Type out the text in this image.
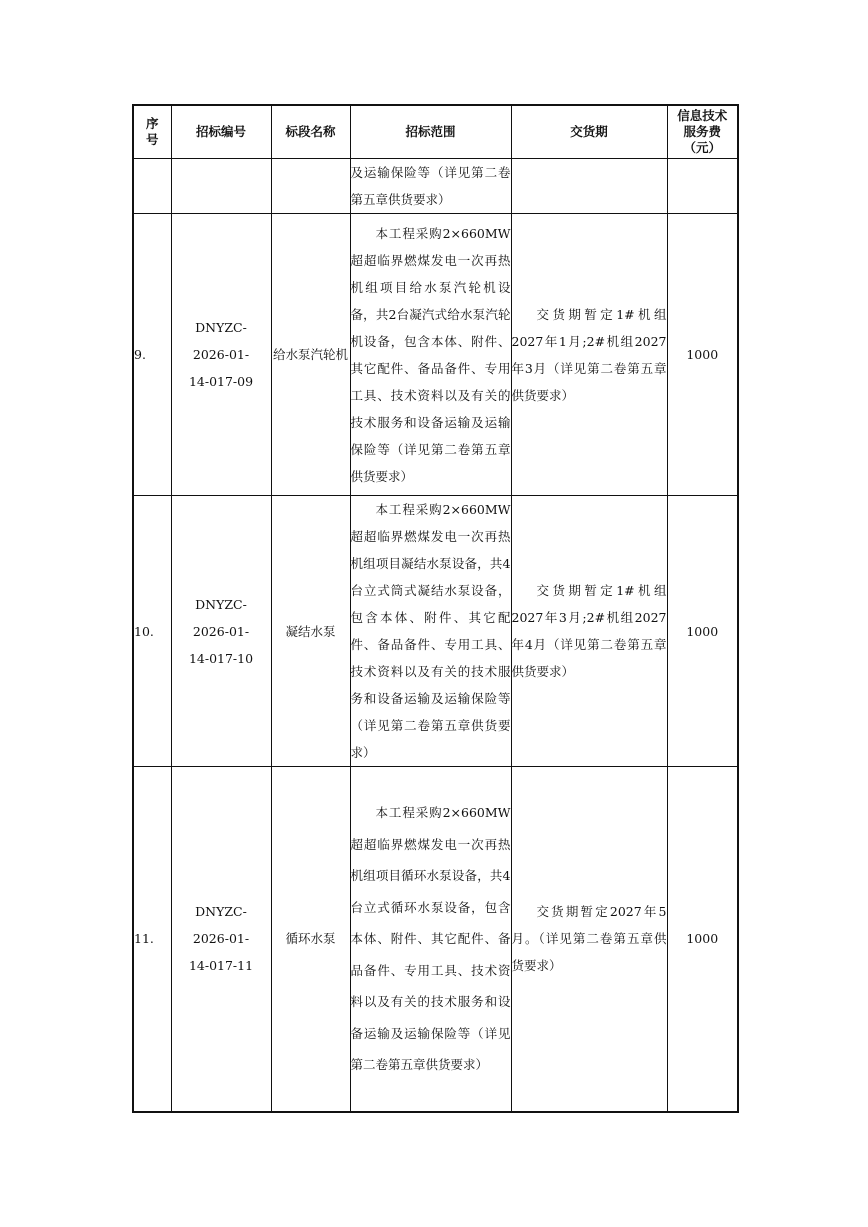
序号	招标编号	标段名称	招标范围	交货期	信息技术服务费（元）

			及运输保险等（详见第二卷第五章供货要求）		

9.	DNYZC-
2026-01-
14-017-09	给水泵汽轮机	本工程采购2×660MW超超临界燃煤发电一次再热机组项目给水泵汽轮机设备，共2台凝汽式给水泵汽轮机设备，包含本体、附件、其它配件、备品备件、专用工具、技术资料以及有关的技术服务和设备运输及运输保险等（详见第二卷第五章供货要求）	交货期暂定1#机组2027年1月;2#机组2027年3月（详见第二卷第五章供货要求）	1000
10.	DNYZC-
2026-01-
14-017-10	凝结水泵	本工程采购2×660MW超超临界燃煤发电一次再热机组项目凝结水泵设备，共4台立式筒式凝结水泵设备，包含本体、附件、其它配件、备品备件、专用工具、技术资料以及有关的技术服务和设备运输及运输保险等（详见第二卷第五章供货要求）	交货期暂定1#机组2027年3月;2#机组2027年4月（详见第二卷第五章供货要求）	1000
11.	DNYZC-
2026-01-
14-017-11	循环水泵	本工程采购2×660MW超超临界燃煤发电一次再热机组项目循环水泵设备，共4台立式循环水泵设备，包含本体、附件、其它配件、备品备件、专用工具、技术资料以及有关的技术服务和设备运输及运输保险等（详见第二卷第五章供货要求）	交货期暂定2027年5月。（详见第二卷第五章供货要求）	1000
